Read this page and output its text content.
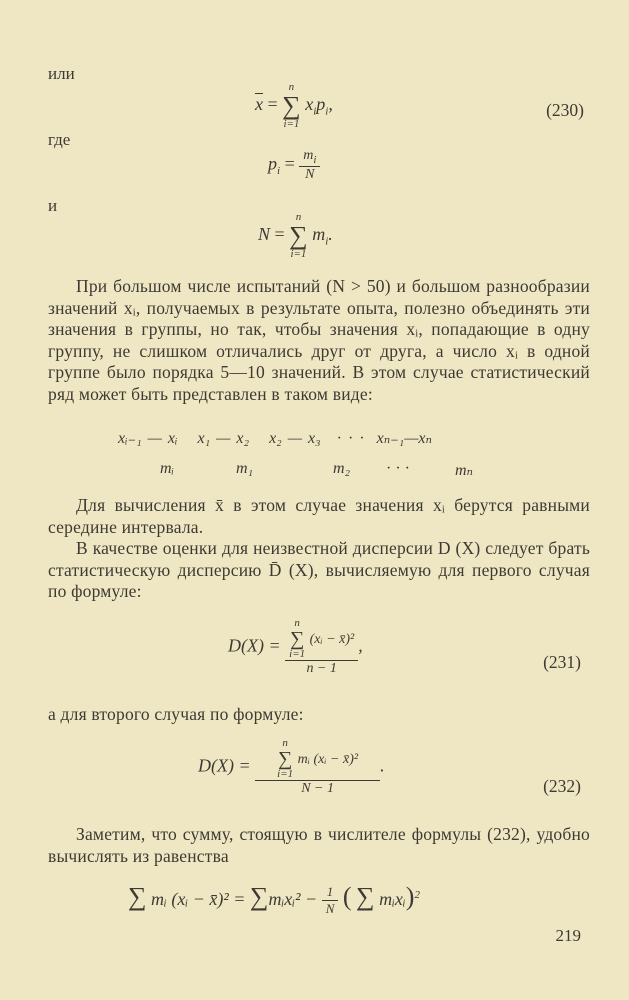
или
$\overline{x}$ =
n
∑
i=1
$x_ip_i$,	(230)
где
$p_i = \frac{m_i}{N}$
и
N =
n
∑
i=1
$m_i$.
При большом числе испытаний (N > 50) и большом разнообразии значений xᵢ, получаемых в результате опыта, полезно объединять эти значения в группы, но так, чтобы значения xᵢ, попадающие в одну группу, не слишком отличались друг от друга, а число xᵢ в одной группе было порядка 5—10 значений. В этом случае статистический ряд может быть представлен в таком виде:
xᵢ₋₁ — xᵢ x₁ — x₂ x₂ — x₃ · · · xₙ₋₁—xₙ
mᵢ	m₁	m₂ · · ·	mₙ
Для вычисления x̄ в этом случае значения xᵢ берутся равными середине интервала.
В качестве оценки для неизвестной дисперсии D (X) следует брать статистическую дисперсию D̄ (X), вычисляемую для первого случая по формуле:
D(X) = n
∑
i=1
(xᵢ − x̄)²
n − 1 ,
(231)
а для второго случая по формуле:
D(X) = n
∑
i=1
mᵢ (xᵢ − x̄)²
N − 1 .
(232)
Заметим, что сумму, стоящую в числителе формулы (232), удобно вычислять из равенства
∑ mᵢ (xᵢ − x̄)² = ∑mᵢxᵢ² − $\frac{1}{N}$ ( ∑ mᵢxᵢ)$^2$
219
